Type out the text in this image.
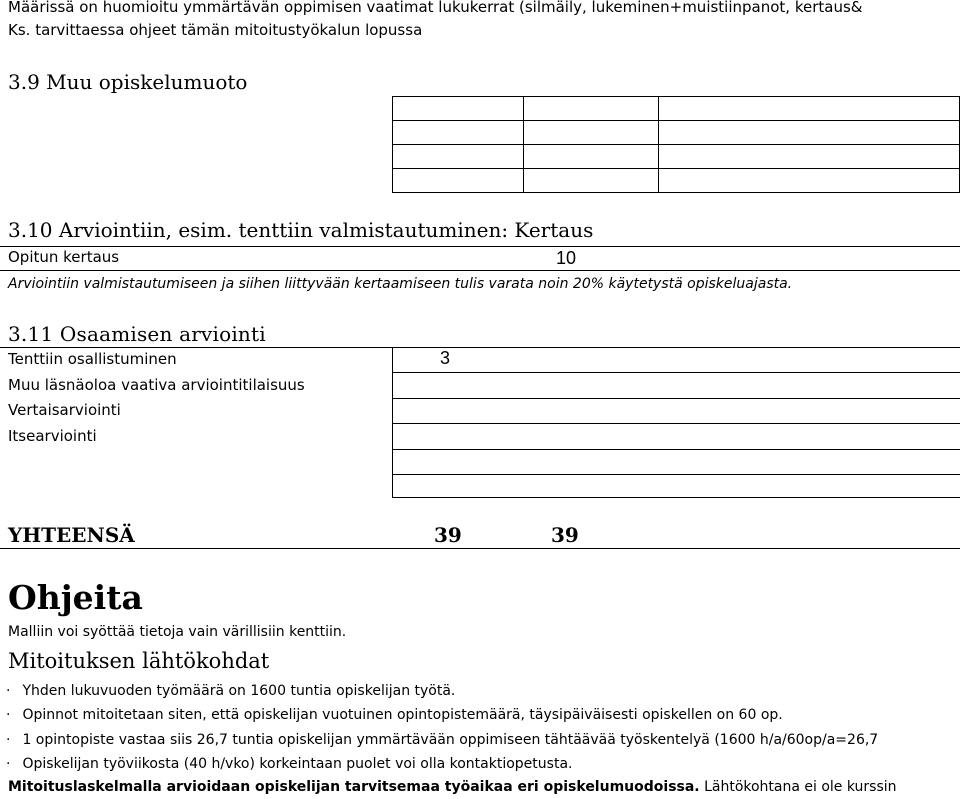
Määrissä on huomioitu ymmärtävän oppimisen vaatimat lukukerrat (silmäily, lukeminen+muistiinpanot, kertaus&
Ks. tarvittaessa ohjeet tämän mitoitustyökalun lopussa
3.9 Muu opiskelumuoto

3.10 Arviointiin, esim. tenttiin valmistautuminen: Kertaus
Opitun kertaus	10
Arviointiin valmistautumiseen ja siihen liittyvään kertaamiseen tulis varata noin 20% käytetystä opiskeluajasta.
3.11 Osaamisen arviointi
Tenttiin osallistuminen	3
Muu läsnäoloa vaativa arviointitilaisuus
Vertaisarviointi
Itsearviointi
YHTEENSÄ	39	39
Ohjeita
Malliin voi syöttää tietoja vain värillisiin kenttiin.
Mitoituksen lähtökohdat
· Yhden lukuvuoden työmäärä on 1600 tuntia opiskelijan työtä.
· Opinnot mitoitetaan siten, että opiskelijan vuotuinen opintopistemäärä, täysipäiväisesti opiskellen on 60 op.
· 1 opintopiste vastaa siis 26,7 tuntia opiskelijan ymmärtävään oppimiseen tähtäävää työskentelyä (1600 h/a/60op/a=26,7
· Opiskelijan työviikosta (40 h/vko) korkeintaan puolet voi olla kontaktiopetusta.
Mitoituslaskelmalla arvioidaan opiskelijan tarvitsemaa työaikaa eri opiskelumuodoissa. Lähtökohtana ei ole kurssin
